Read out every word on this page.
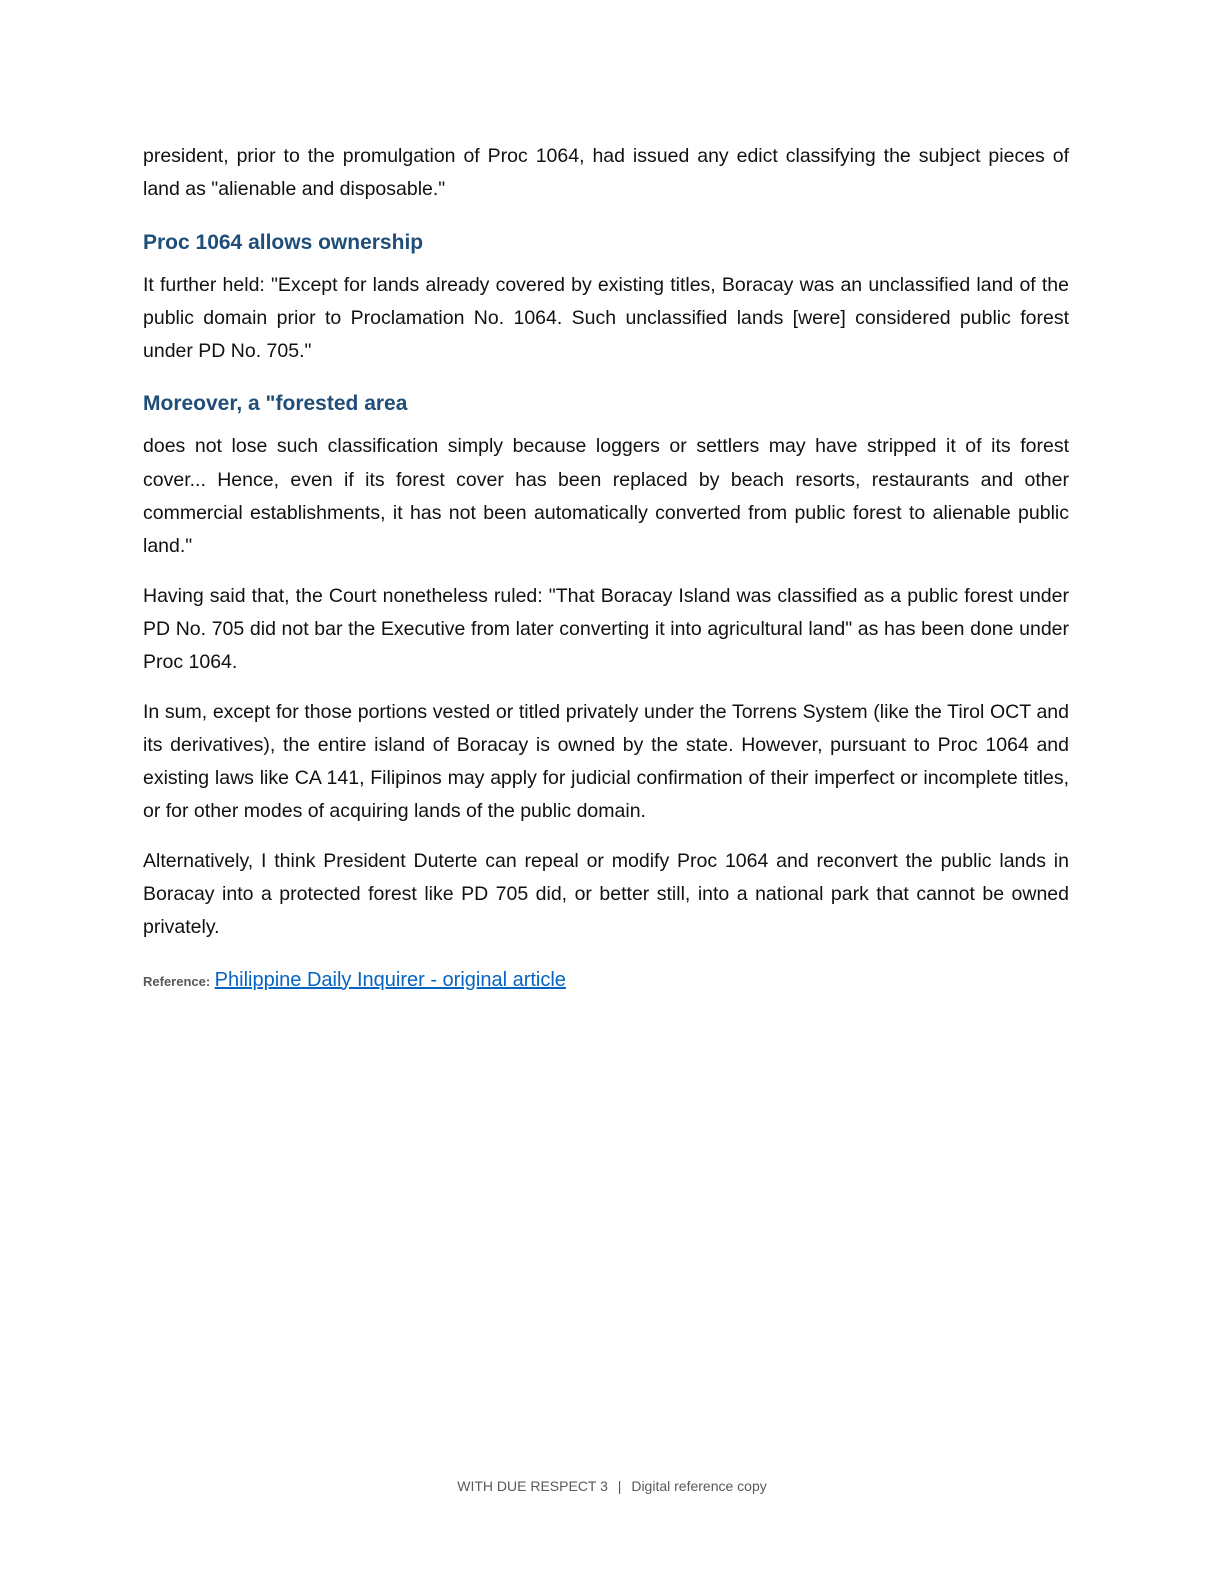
president, prior to the promulgation of Proc 1064, had issued any edict classifying the subject pieces of land as "alienable and disposable."

Proc 1064 allows ownership

It further held: "Except for lands already covered by existing titles, Boracay was an unclassified land of the public domain prior to Proclamation No. 1064. Such unclassified lands [were] considered public forest under PD No. 705."

Moreover, a "forested area

does not lose such classification simply because loggers or settlers may have stripped it of its forest cover... Hence, even if its forest cover has been replaced by beach resorts, restaurants and other commercial establishments, it has not been automatically converted from public forest to alienable public land."

Having said that, the Court nonetheless ruled: "That Boracay Island was classified as a public forest under PD No. 705 did not bar the Executive from later converting it into agricultural land" as has been done under Proc 1064.

In sum, except for those portions vested or titled privately under the Torrens System (like the Tirol OCT and its derivatives), the entire island of Boracay is owned by the state. However, pursuant to Proc 1064 and existing laws like CA 141, Filipinos may apply for judicial confirmation of their imperfect or incomplete titles, or for other modes of acquiring lands of the public domain.

Alternatively, I think President Duterte can repeal or modify Proc 1064 and reconvert the public lands in Boracay into a protected forest like PD 705 did, or better still, into a national park that cannot be owned privately.

Reference: Philippine Daily Inquirer - original article
WITH DUE RESPECT 3 | Digital reference copy
